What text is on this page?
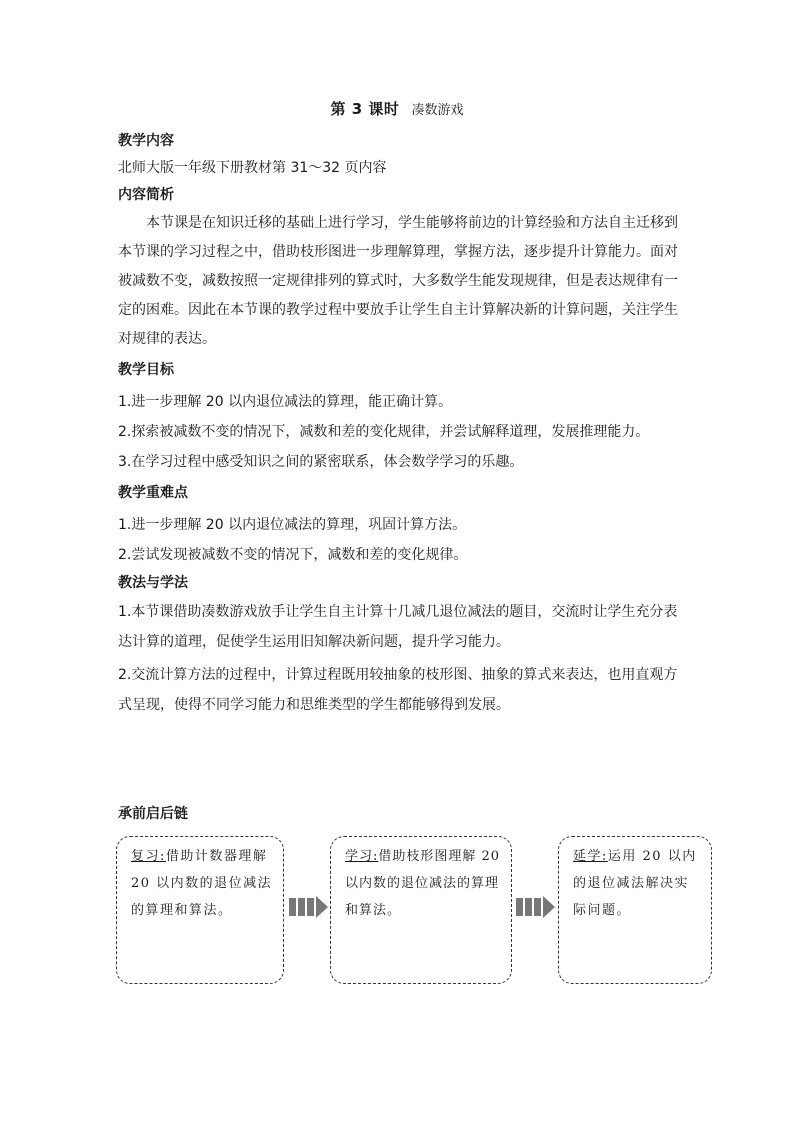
第 3 课时 凑数游戏
教学内容

北师大版一年级下册教材第 31～32 页内容

内容简析

本节课是在知识迁移的基础上进行学习，学生能够将前边的计算经验和方法自主迁移到本节课的学习过程之中，借助枝形图进一步理解算理，掌握方法，逐步提升计算能力。面对被减数不变，减数按照一定规律排列的算式时，大多数学生能发现规律，但是表达规律有一定的困难。因此在本节课的教学过程中要放手让学生自主计算解决新的计算问题，关注学生对规律的表达。

教学目标

1.进一步理解 20 以内退位减法的算理，能正确计算。

2.探索被减数不变的情况下，减数和差的变化规律，并尝试解释道理，发展推理能力。

3.在学习过程中感受知识之间的紧密联系，体会数学学习的乐趣。

教学重难点

1.进一步理解 20 以内退位减法的算理，巩固计算方法。

2.尝试发现被减数不变的情况下，减数和差的变化规律。

教法与学法

1.本节课借助凑数游戏放手让学生自主计算十几减几退位减法的题目，交流时让学生充分表达计算的道理，促使学生运用旧知解决新问题，提升学习能力。

2.交流计算方法的过程中，计算过程既用较抽象的枝形图、抽象的算式来表达，也用直观方式呈现，使得不同学习能力和思维类型的学生都能够得到发展。

承前启后链
复习:借助计数器理解 20 以内数的退位减法的算理和算法。
学习:借助枝形图理解 20 以内数的退位减法的算理和算法。
延学:运用 20 以内的退位减法解决实际问题。
